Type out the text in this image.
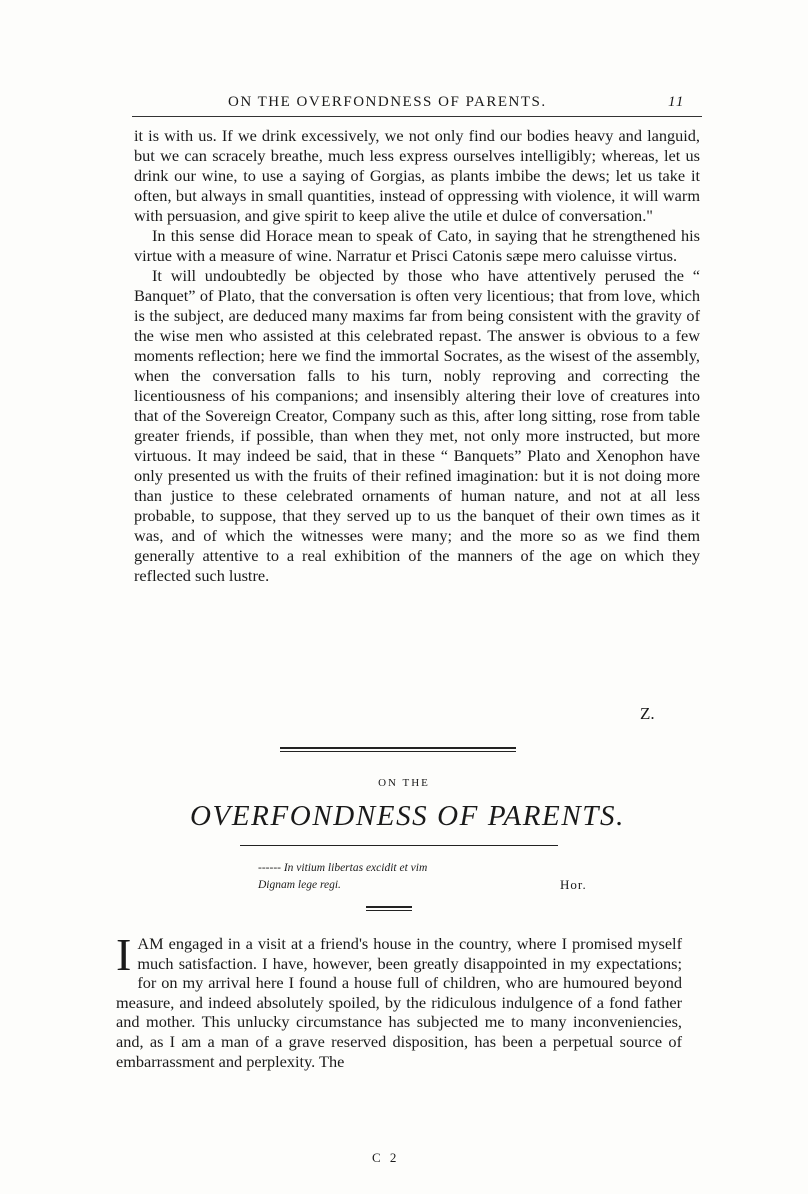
ON THE OVERFONDNESS OF PARENTS.	11

it is with us. If we drink excessively, we not only find our bodies heavy and languid, but we can scracely breathe, much less express ourselves intelligibly; whereas, let us drink our wine, to use a saying of Gorgias, as plants imbibe the dews; let us take it often, but always in small quantities, instead of oppressing with violence, it will warm with persuasion, and give spirit to keep alive the utile et dulce of conversation."

In this sense did Horace mean to speak of Cato, in saying that he strengthened his virtue with a measure of wine. Narratur et Prisci Catonis sæpe mero caluisse virtus.

It will undoubtedly be objected by those who have attentively perused the “ Banquet” of Plato, that the conversation is often very licentious; that from love, which is the subject, are deduced many maxims far from being consistent with the gravity of the wise men who assisted at this celebrated repast. The answer is obvious to a few moments reflection; here we find the immortal Socrates, as the wisest of the assembly, when the conversation falls to his turn, nobly reproving and correcting the licentiousness of his companions; and insensibly altering their love of creatures into that of the Sovereign Creator, Company such as this, after long sitting, rose from table greater friends, if possible, than when they met, not only more instructed, but more virtuous. It may indeed be said, that in these “ Banquets” Plato and Xenophon have only presented us with the fruits of their refined imagination: but it is not doing more than justice to these celebrated ornaments of human nature, and not at all less probable, to suppose, that they served up to us the banquet of their own times as it was, and of which the witnesses were many; and the more so as we find them generally attentive to a real exhibition of the manners of the age on which they reflected such lustre.

Z.
ON THE
OVERFONDNESS OF PARENTS.
------ In vitium libertas excidit et vim
Dignam lege regi.	Hor.
I AM engaged in a visit at a friend's house in the country, where I promised myself much satisfaction. I have, however, been greatly disappointed in my expectations; for on my arrival here I found a house full of children, who are humoured beyond measure, and indeed absolutely spoiled, by the ridiculous indulgence of a fond father and mother. This unlucky circumstance has subjected me to many inconveniencies, and, as I am a man of a grave reserved disposition, has been a perpetual source of embarrassment and perplexity. The
C 2
